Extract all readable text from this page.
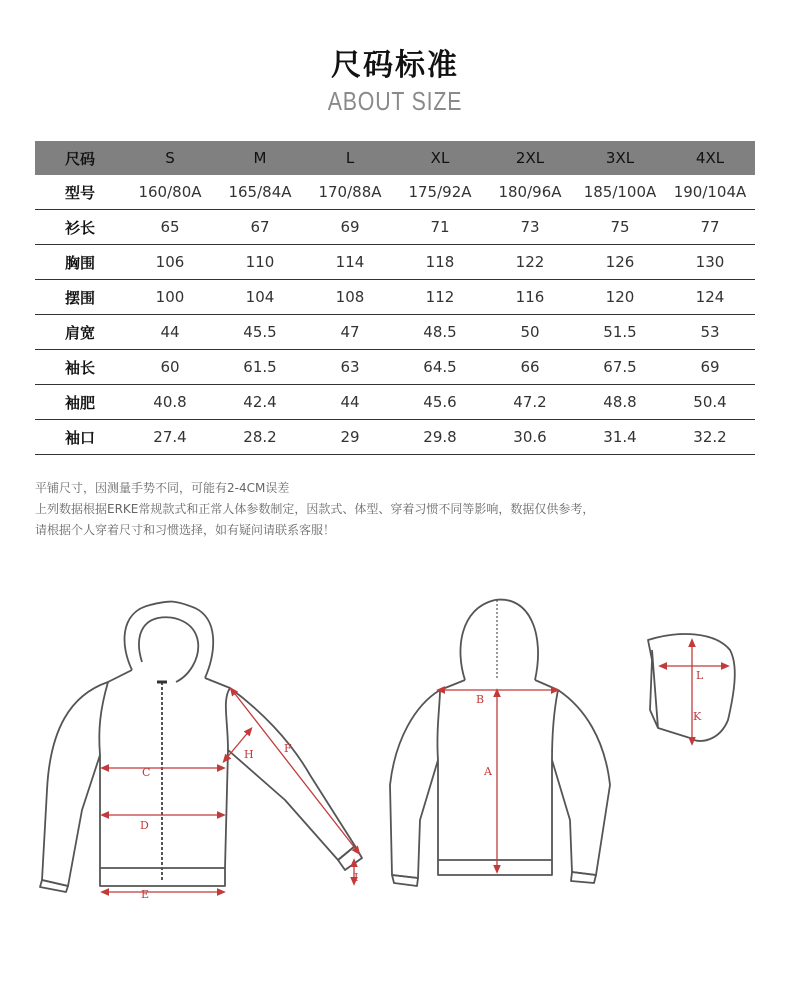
尺码标准
ABOUT SIZE
尺码	S	M	L	XL	2XL	3XL	4XL
型号	160/80A	165/84A	170/88A	175/92A	180/96A	185/100A	190/104A
衫长	65	67	69	71	73	75	77
胸围	106	110	114	118	122	126	130
摆围	100	104	108	112	116	120	124
肩宽	44	45.5	47	48.5	50	51.5	53
袖长	60	61.5	63	64.5	66	67.5	69
袖肥	40.8	42.4	44	45.6	47.2	48.8	50.4
袖口	27.4	28.2	29	29.8	30.6	31.4	32.2
平铺尺寸，因测量手势不同，可能有2-4CM误差
上列数据根据ERKE常规款式和正常人体参数制定，因款式、体型、穿着习惯不同等影响，数据仅供参考，
请根据个人穿着尺寸和习惯选择，如有疑问请联系客服！
C
D
E
F
H
I
B
A
L
K
